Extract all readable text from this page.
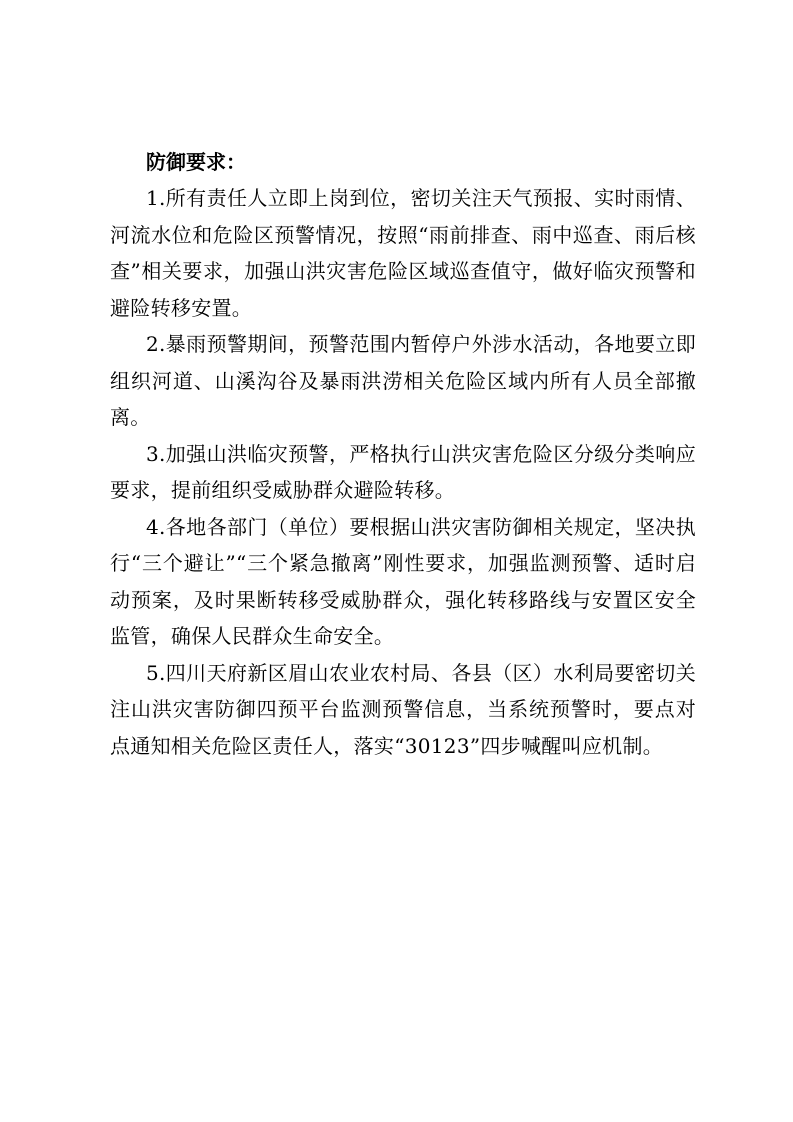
防御要求：

1.所有责任人立即上岗到位，密切关注天气预报、实时雨情、河流水位和危险区预警情况，按照“雨前排查、雨中巡查、雨后核查”相关要求，加强山洪灾害危险区域巡查值守，做好临灾预警和避险转移安置。

2.暴雨预警期间，预警范围内暂停户外涉水活动，各地要立即组织河道、山溪沟谷及暴雨洪涝相关危险区域内所有人员全部撤离。

3.加强山洪临灾预警，严格执行山洪灾害危险区分级分类响应要求，提前组织受威胁群众避险转移。

4.各地各部门（单位）要根据山洪灾害防御相关规定，坚决执行“三个避让”“三个紧急撤离”刚性要求，加强监测预警、适时启动预案，及时果断转移受威胁群众，强化转移路线与安置区安全监管，确保人民群众生命安全。

5.四川天府新区眉山农业农村局、各县（区）水利局要密切关注山洪灾害防御四预平台监测预警信息，当系统预警时，要点对点通知相关危险区责任人，落实“30123”四步喊醒叫应机制。
